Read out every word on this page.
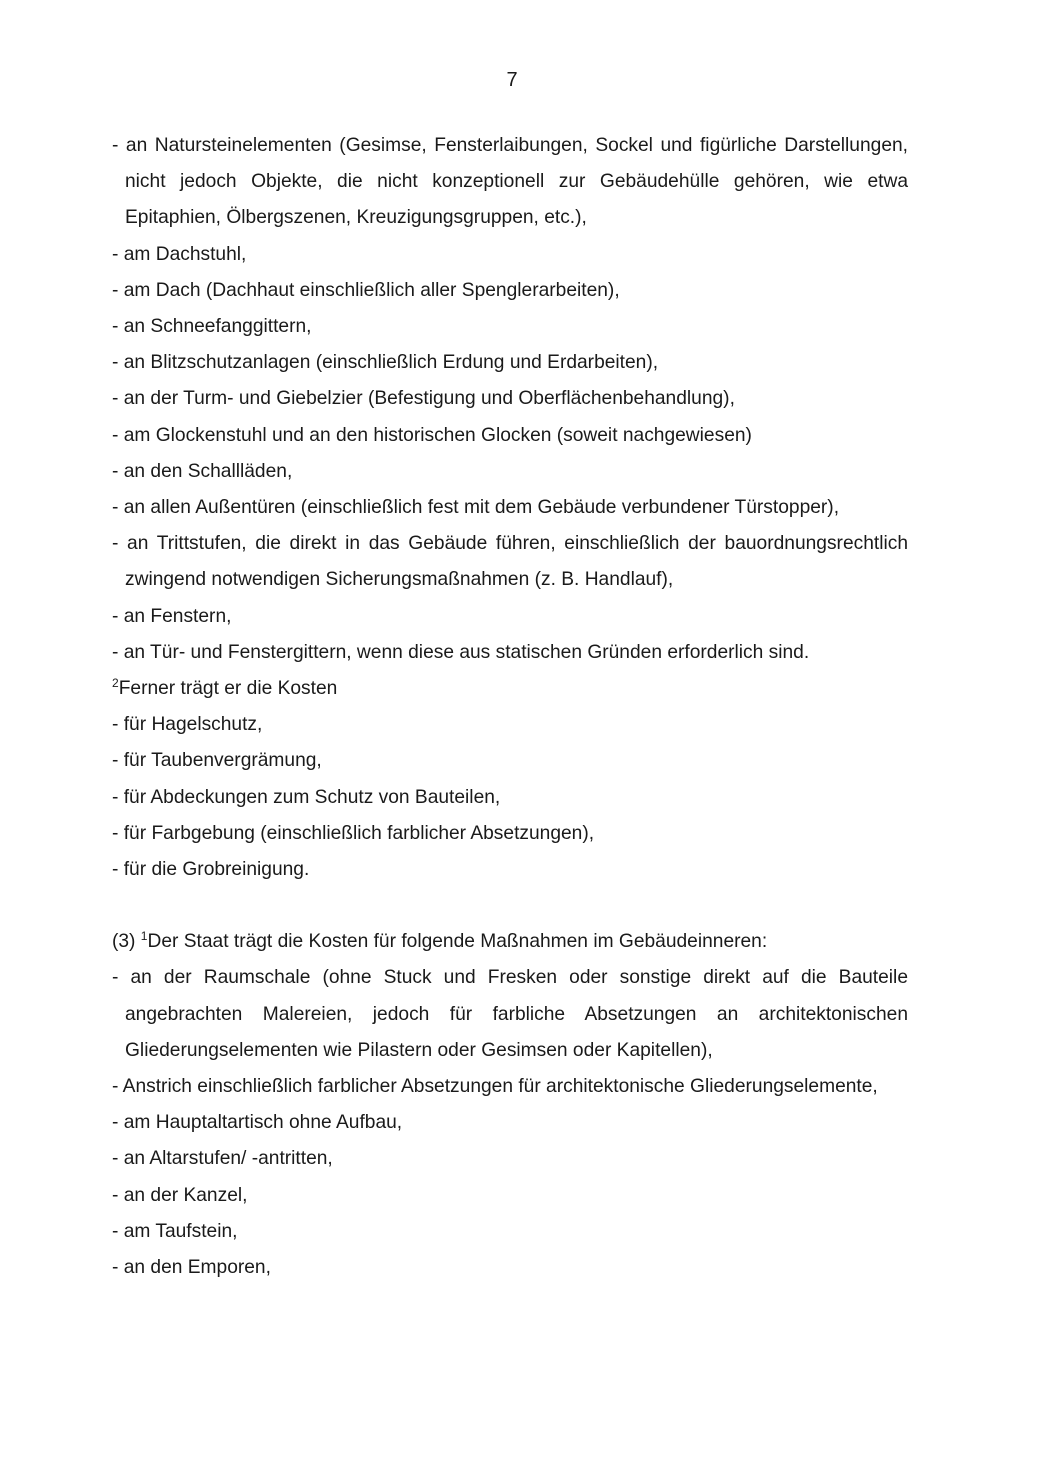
7

- an Natursteinelementen (Gesimse, Fensterlaibungen, Sockel und figürliche Darstellungen, nicht jedoch Objekte, die nicht konzeptionell zur Gebäudehülle gehören, wie etwa Epitaphien, Ölbergszenen, Kreuzigungsgruppen, etc.),

- am Dachstuhl,

- am Dach (Dachhaut einschließlich aller Spenglerarbeiten),

- an Schneefanggittern,

- an Blitzschutzanlagen (einschließlich Erdung und Erdarbeiten),

- an der Turm- und Giebelzier (Befestigung und Oberflächenbehandlung),

- am Glockenstuhl und an den historischen Glocken (soweit nachgewiesen)

- an den Schallläden,

- an allen Außentüren (einschließlich fest mit dem Gebäude verbundener Türstopper),

- an Trittstufen, die direkt in das Gebäude führen, einschließlich der bauordnungsrechtlich zwingend notwendigen Sicherungsmaßnahmen (z. B. Handlauf),

- an Fenstern,

- an Tür- und Fenstergittern, wenn diese aus statischen Gründen erforderlich sind.

$^2$Ferner trägt er die Kosten

- für Hagelschutz,

- für Taubenvergrämung,

- für Abdeckungen zum Schutz von Bauteilen,

- für Farbgebung (einschließlich farblicher Absetzungen),

- für die Grobreinigung.

(3) $^1$Der Staat trägt die Kosten für folgende Maßnahmen im Gebäudeinneren:

- an der Raumschale (ohne Stuck und Fresken oder sonstige direkt auf die Bauteile angebrachten Malereien, jedoch für farbliche Absetzungen an architektonischen Gliederungselementen wie Pilastern oder Gesimsen oder Kapitellen),

- Anstrich einschließlich farblicher Absetzungen für architektonische Gliederungselemente,

- am Hauptaltartisch ohne Aufbau,

- an Altarstufen/ -antritten,

- an der Kanzel,

- am Taufstein,

- an den Emporen,
